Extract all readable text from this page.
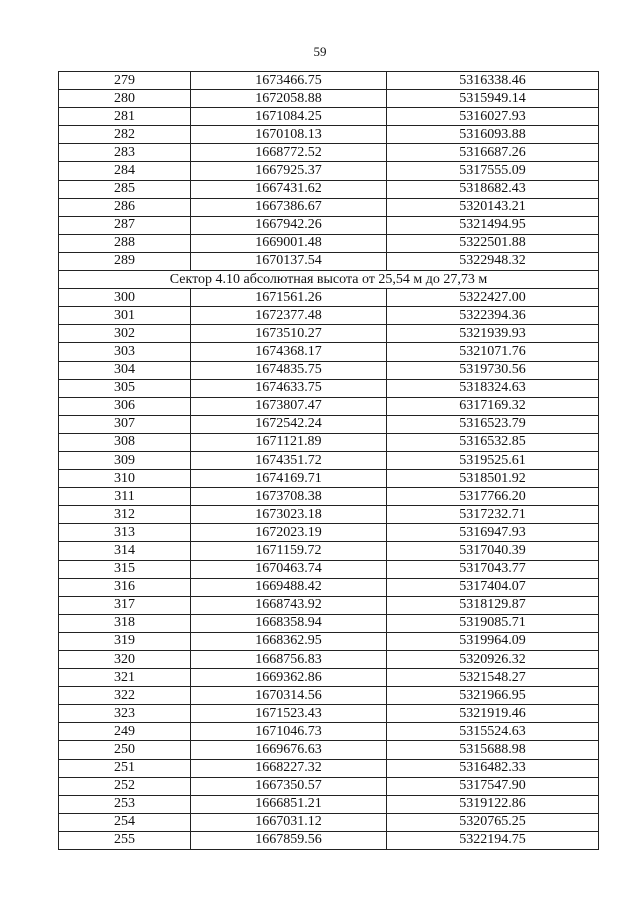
59
279	1673466.75	5316338.46
280	1672058.88	5315949.14
281	1671084.25	5316027.93
282	1670108.13	5316093.88
283	1668772.52	5316687.26
284	1667925.37	5317555.09
285	1667431.62	5318682.43
286	1667386.67	5320143.21
287	1667942.26	5321494.95
288	1669001.48	5322501.88
289	1670137.54	5322948.32
Сектор 4.10 абсолютная высота от 25,54 м до 27,73 м		
300	1671561.26	5322427.00
301	1672377.48	5322394.36
302	1673510.27	5321939.93
303	1674368.17	5321071.76
304	1674835.75	5319730.56
305	1674633.75	5318324.63
306	1673807.47	6317169.32
307	1672542.24	5316523.79
308	1671121.89	5316532.85
309	1674351.72	5319525.61
310	1674169.71	5318501.92
311	1673708.38	5317766.20
312	1673023.18	5317232.71
313	1672023.19	5316947.93
314	1671159.72	5317040.39
315	1670463.74	5317043.77
316	1669488.42	5317404.07
317	1668743.92	5318129.87
318	1668358.94	5319085.71
319	1668362.95	5319964.09
320	1668756.83	5320926.32
321	1669362.86	5321548.27
322	1670314.56	5321966.95
323	1671523.43	5321919.46
249	1671046.73	5315524.63
250	1669676.63	5315688.98
251	1668227.32	5316482.33
252	1667350.57	5317547.90
253	1666851.21	5319122.86
254	1667031.12	5320765.25
255	1667859.56	5322194.75
